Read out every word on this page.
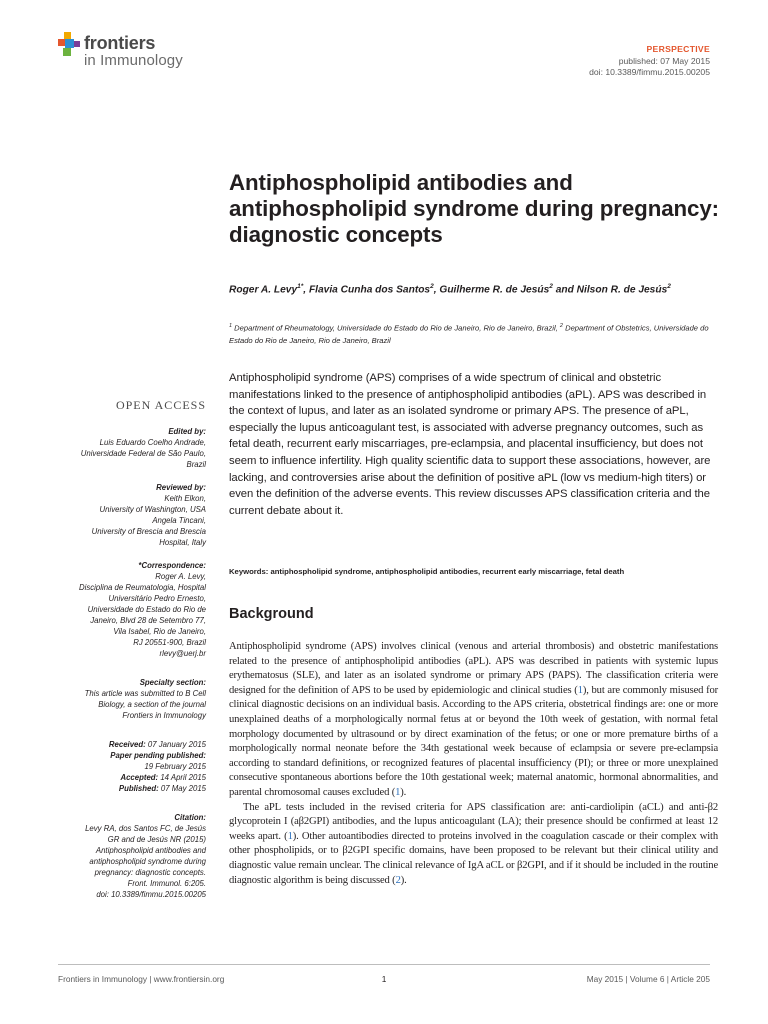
frontiers
in Immunology
PERSPECTIVE
published: 07 May 2015
doi: 10.3389/fimmu.2015.00205
Antiphospholipid antibodies and antiphospholipid syndrome during pregnancy: diagnostic concepts
Roger A. Levy$^{1*}$, Flavia Cunha dos Santos$^2$, Guilherme R. de Jesús$^2$ and Nilson R. de Jesús$^2$
$^1$ Department of Rheumatology, Universidade do Estado do Rio de Janeiro, Rio de Janeiro, Brazil, $^2$ Department of Obstetrics, Universidade do Estado do Rio de Janeiro, Rio de Janeiro, Brazil

Antiphospholipid syndrome (APS) comprises of a wide spectrum of clinical and obstetric manifestations linked to the presence of antiphospholipid antibodies (aPL). APS was described in the context of lupus, and later as an isolated syndrome or primary APS. The presence of aPL, especially the lupus anticoagulant test, is associated with adverse pregnancy outcomes, such as fetal death, recurrent early miscarriages, pre-eclampsia, and placental insufficiency, but does not seem to influence infertility. High quality scientific data to support these associations, however, are lacking, and controversies arise about the definition of positive aPL (low vs medium-high titers) or even the definition of the adverse events. This review discusses APS classification criteria and the current debate about it.

Keywords: antiphospholipid syndrome, antiphospholipid antibodies, recurrent early miscarriage, fetal death
OPEN ACCESS
Edited by:
Luis Eduardo Coelho Andrade,
Universidade Federal de São Paulo,
Brazil
Reviewed by:
Keith Elkon,
University of Washington, USA
Angela Tincani,
University of Brescia and Brescia
Hospital, Italy
*Correspondence:
Roger A. Levy,
Disciplina de Reumatologia, Hospital
Universitário Pedro Ernesto,
Universidade do Estado do Rio de
Janeiro, Blvd 28 de Setembro 77,
Vila Isabel, Rio de Janeiro,
RJ 20551-900, Brazil
rlevy@uerj.br
Specialty section:
This article was submitted to B Cell
Biology, a section of the journal
Frontiers in Immunology
Received: 07 January 2015
Paper pending published:
19 February 2015
Accepted: 14 April 2015
Published: 07 May 2015
Citation:
Levy RA, dos Santos FC, de Jesús
GR and de Jesús NR (2015)
Antiphospholipid antibodies and
antiphospholipid syndrome during
pregnancy: diagnostic concepts.
Front. Immunol. 6:205.
doi: 10.3389/fimmu.2015.00205
Background

Antiphospholipid syndrome (APS) involves clinical (venous and arterial thrombosis) and obstetric manifestations related to the presence of antiphospholipid antibodies (aPL). APS was described in patients with systemic lupus erythematosus (SLE), and later as an isolated syndrome or primary APS (PAPS). The classification criteria were designed for the definition of APS to be used by epidemiologic and clinical studies (1), but are commonly misused for clinical diagnostic decisions on an individual basis. According to the APS criteria, obstetrical findings are: one or more unexplained deaths of a morphologically normal fetus at or beyond the 10th week of gestation, with normal fetal morphology documented by ultrasound or by direct examination of the fetus; or one or more premature births of a morphologically normal neonate before the 34th gestational week because of eclampsia or severe pre-eclampsia according to standard definitions, or recognized features of placental insufficiency (PI); or three or more unexplained consecutive spontaneous abortions before the 10th gestational week; maternal anatomic, hormonal abnormalities, and parental chromosomal causes excluded (1).

The aPL tests included in the revised criteria for APS classification are: anti-cardiolipin (aCL) and anti-β2 glycoprotein I (aβ2GPI) antibodies, and the lupus anticoagulant (LA); their presence should be confirmed at least 12 weeks apart. (1). Other autoantibodies directed to proteins involved in the coagulation cascade or their complex with other phospholipids, or to β2GPI specific domains, have been proposed to be relevant but their clinical utility and diagnostic value remain unclear. The clinical relevance of IgA aCL or β2GPI, and if it should be included in the routine diagnostic algorithm is being discussed (2).

Frontiers in Immunology | www.frontiersin.org	1	May 2015 | Volume 6 | Article 205
